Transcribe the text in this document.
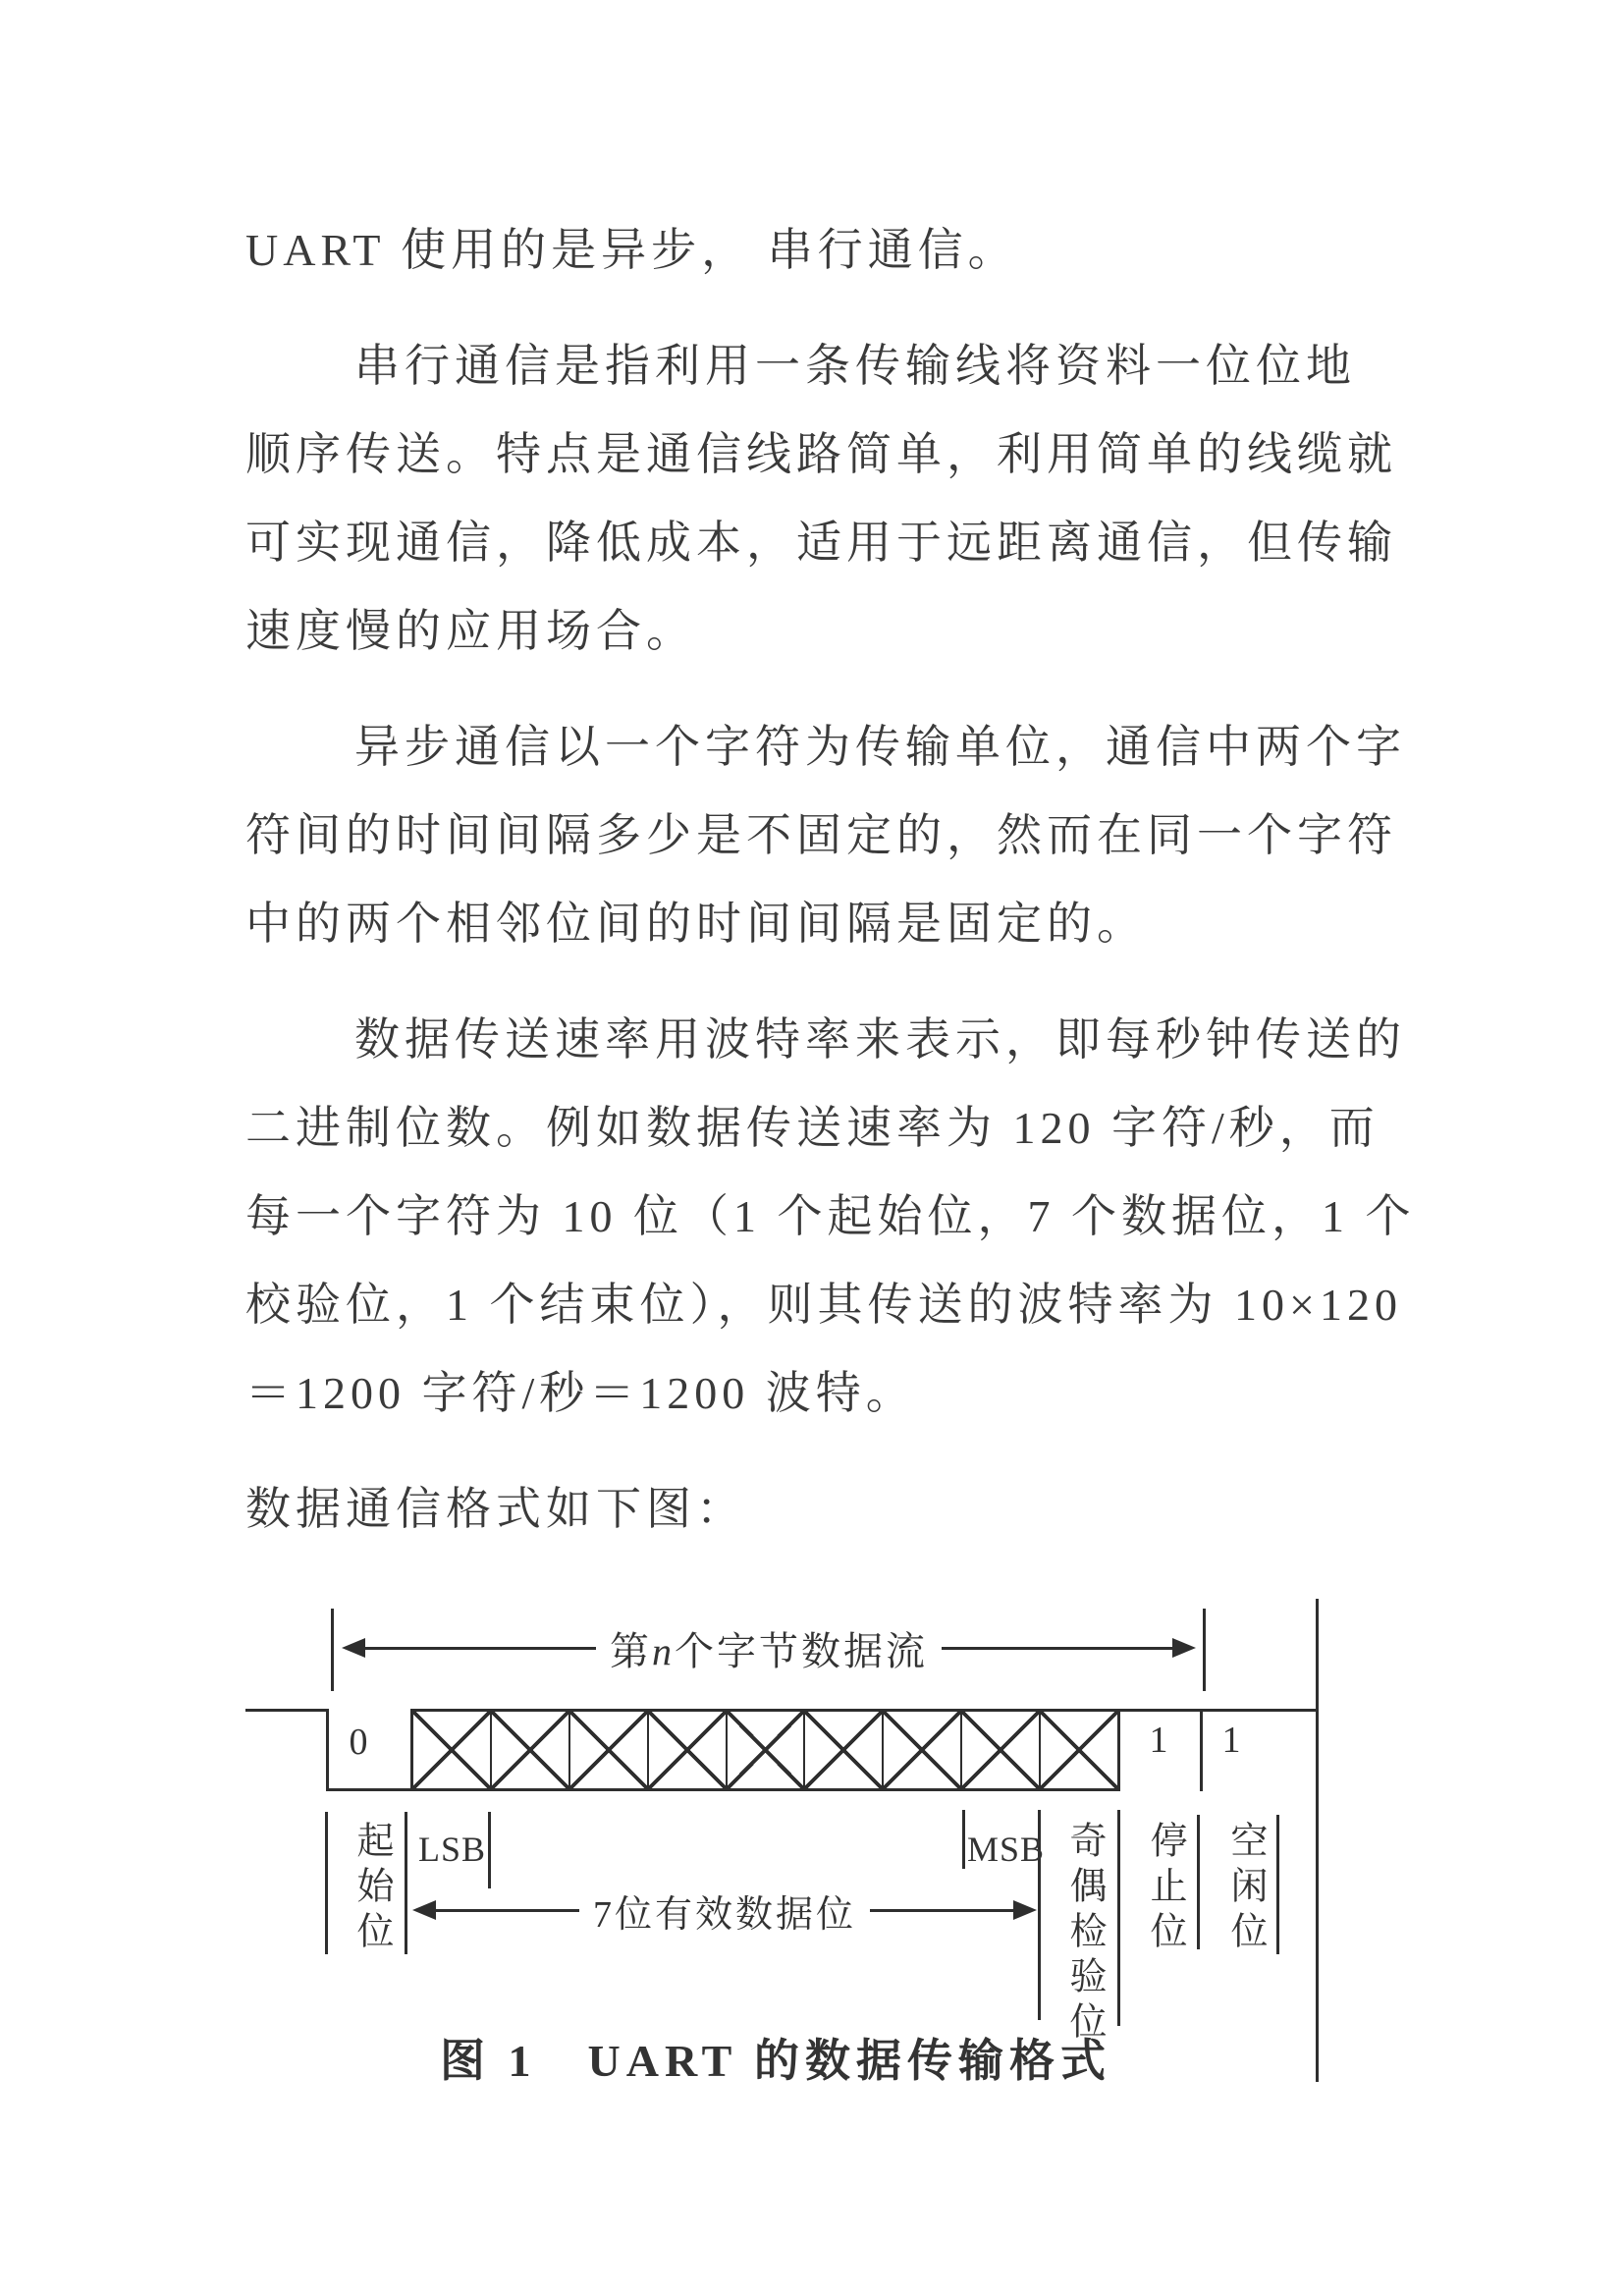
UART 使用的是异步， 串行通信。
串行通信是指利用一条传输线将资料一位位地
顺序传送。特点是通信线路简单，利用简单的线缆就
可实现通信，降低成本，适用于远距离通信，但传输
速度慢的应用场合。
异步通信以一个字符为传输单位，通信中两个字
符间的时间间隔多少是不固定的，然而在同一个字符
中的两个相邻位间的时间间隔是固定的。
数据传送速率用波特率来表示，即每秒钟传送的
二进制位数。例如数据传送速率为 120 字符/秒，而
每一个字符为 10 位（1 个起始位，7 个数据位，1 个
校验位，1 个结束位），则其传送的波特率为 10×120
＝1200 字符/秒＝1200 波特。
数据通信格式如下图：
第n个字节数据流
0	1	1
起始位 LSB	MSB 奇偶检验位 停止位 空闲位
7位有效数据位
图 1　UART 的数据传输格式
